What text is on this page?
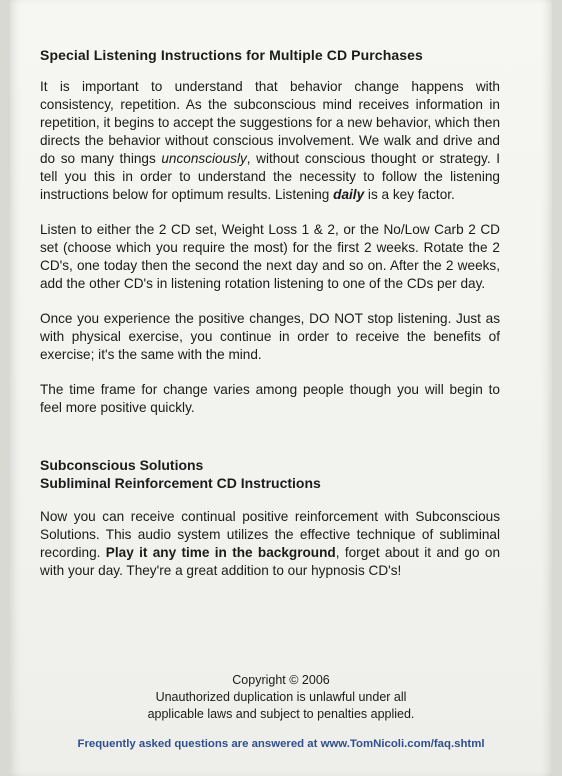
Special Listening Instructions for Multiple CD Purchases

It is important to understand that behavior change happens with consistency, repetition. As the subconscious mind receives information in repetition, it begins to accept the suggestions for a new behavior, which then directs the behavior without conscious involvement. We walk and drive and do so many things unconsciously, without conscious thought or strategy. I tell you this in order to understand the necessity to follow the listening instructions below for optimum results. Listening daily is a key factor.

Listen to either the 2 CD set, Weight Loss 1 & 2, or the No/Low Carb 2 CD set (choose which you require the most) for the first 2 weeks. Rotate the 2 CD's, one today then the second the next day and so on. After the 2 weeks, add the other CD's in listening rotation listening to one of the CDs per day.

Once you experience the positive changes, DO NOT stop listening. Just as with physical exercise, you continue in order to receive the benefits of exercise; it's the same with the mind.

The time frame for change varies among people though you will begin to feel more positive quickly.

Subconscious Solutions
Subliminal Reinforcement CD Instructions

Now you can receive continual positive reinforcement with Subconscious Solutions. This audio system utilizes the effective technique of subliminal recording. Play it any time in the background, forget about it and go on with your day. They're a great addition to our hypnosis CD's!

Copyright © 2006
Unauthorized duplication is unlawful under all
applicable laws and subject to penalties applied.
Frequently asked questions are answered at www.TomNicoli.com/faq.shtml
